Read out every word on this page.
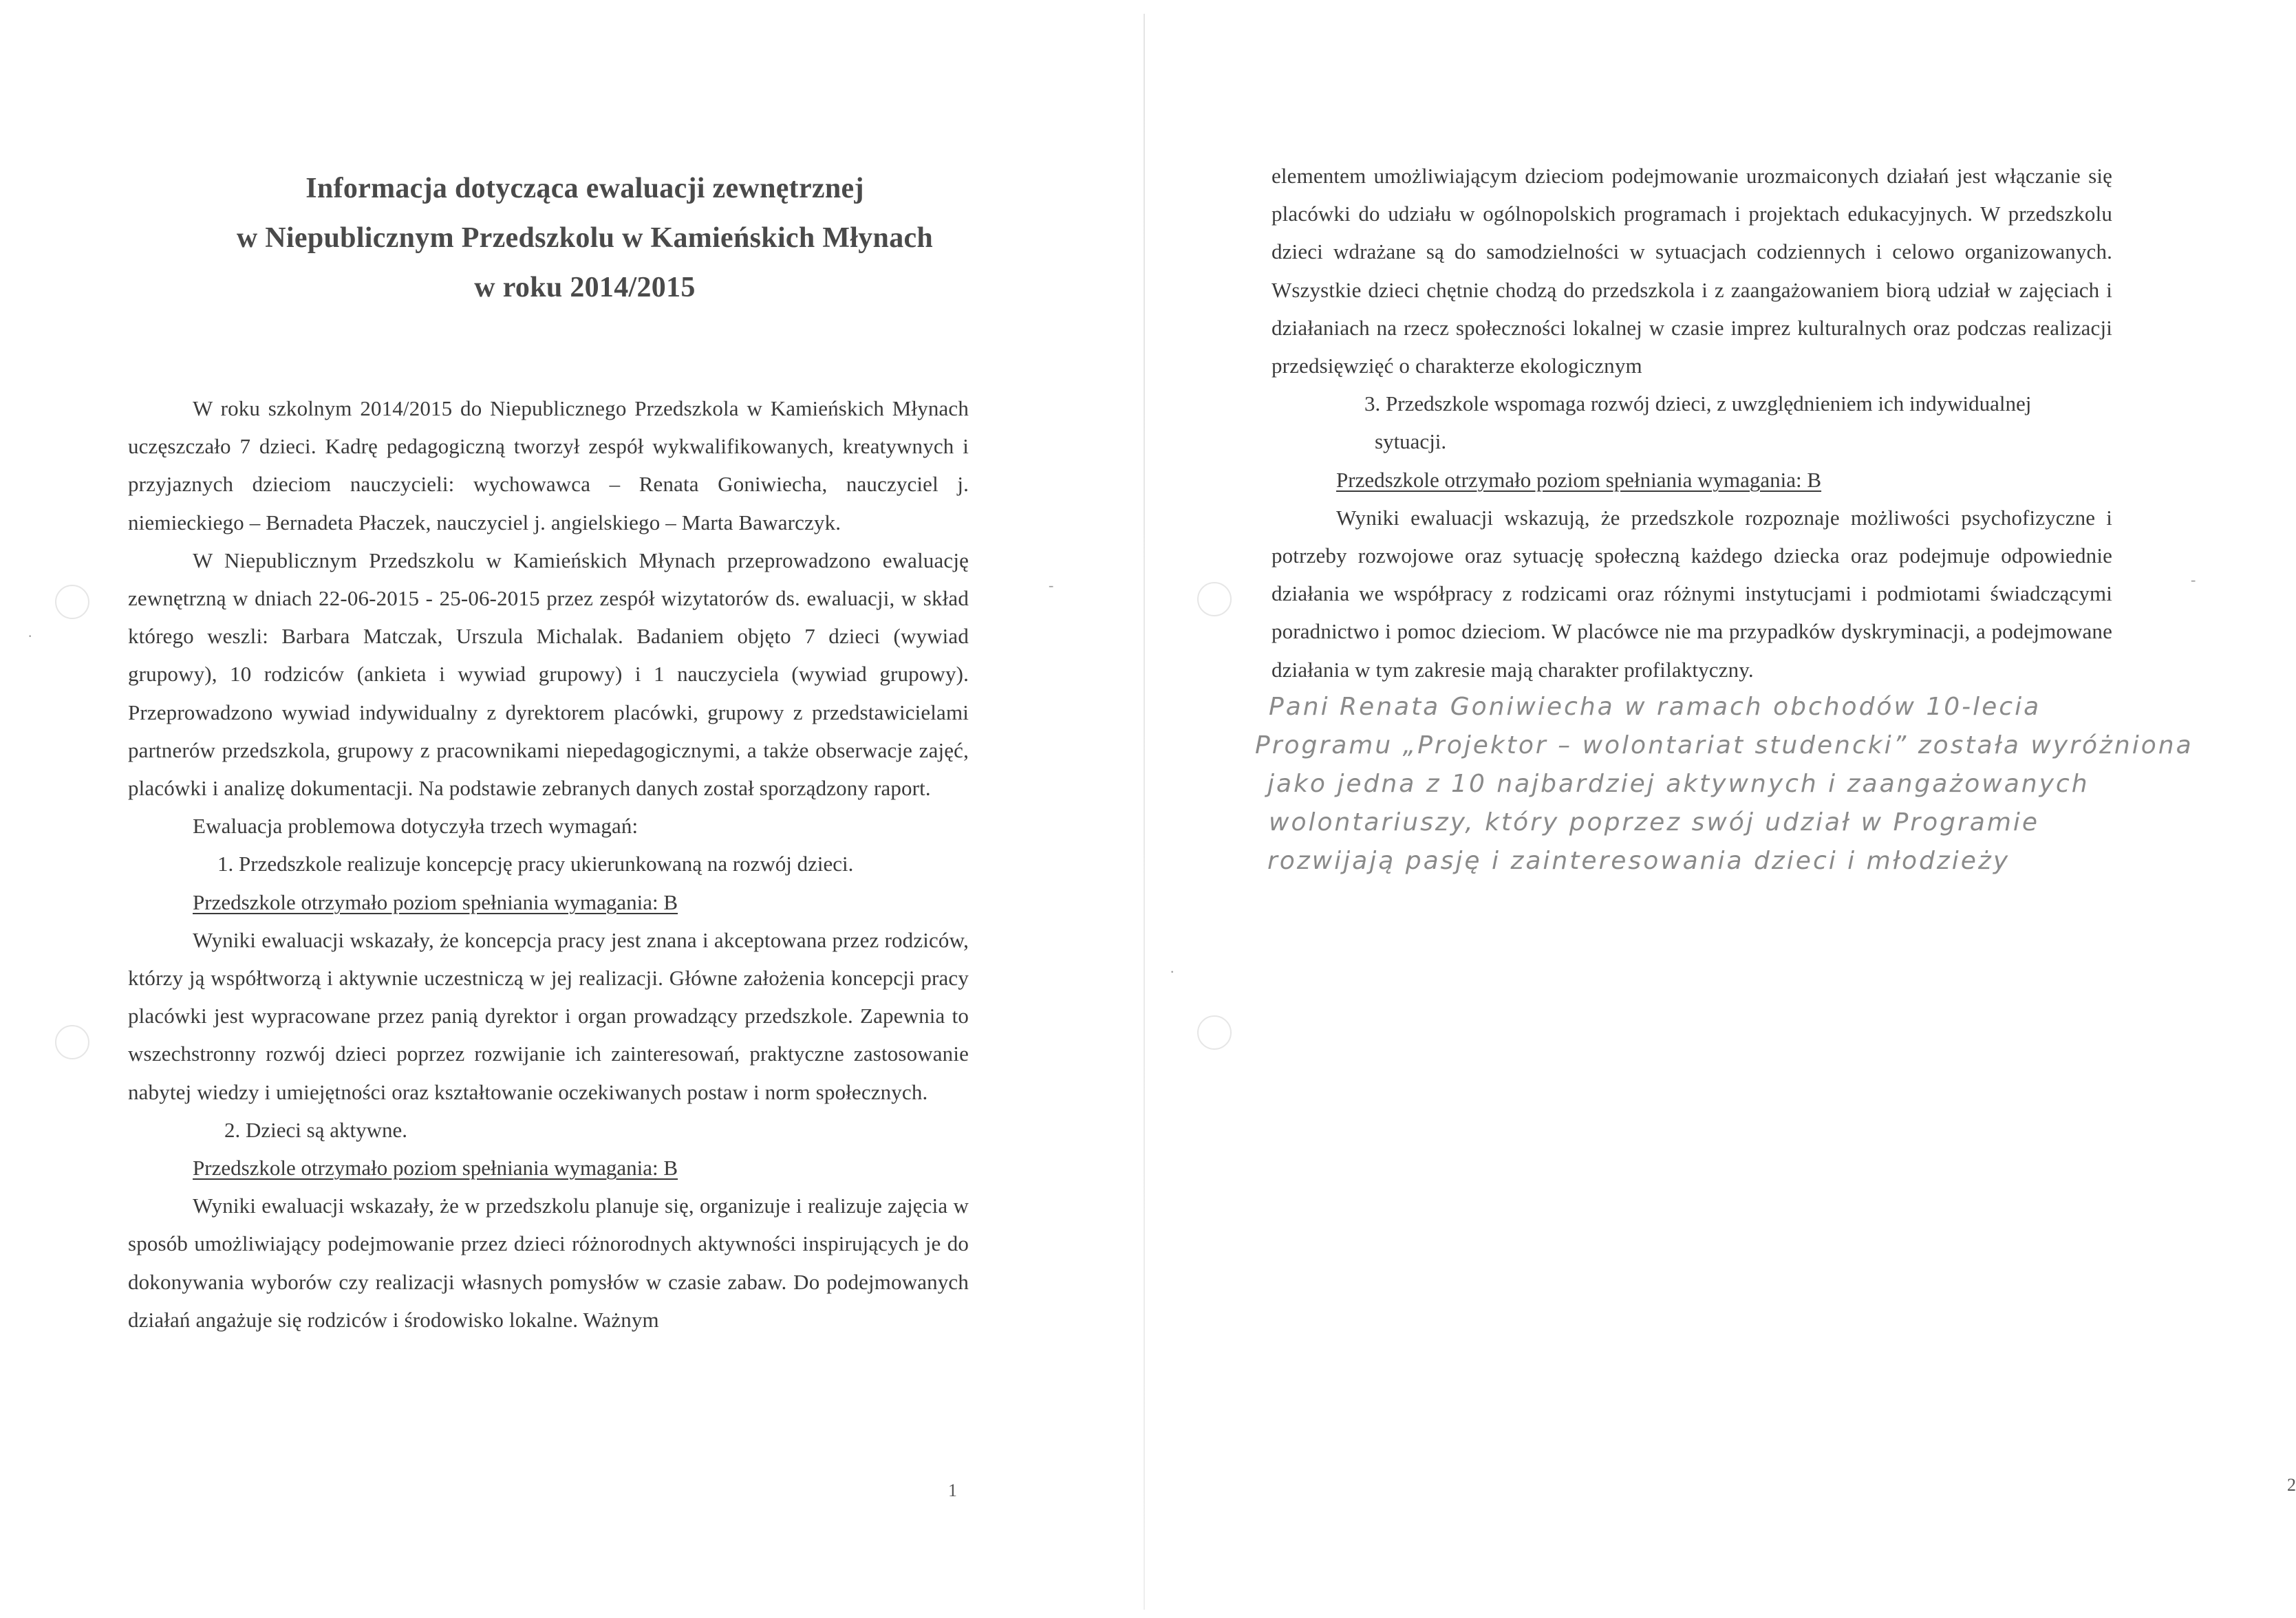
Informacja dotycząca ewaluacji zewnętrznej
w Niepublicznym Przedszkolu w Kamieńskich Młynach
w roku 2014/2015

W roku szkolnym 2014/2015 do Niepublicznego Przedszkola w Kamieńskich Młynach uczęszczało 7 dzieci. Kadrę pedagogiczną tworzył zespół wykwalifikowanych, kreatywnych i przyjaznych dzieciom nauczycieli: wychowawca – Renata Goniwiecha, nauczyciel j. niemieckiego – Bernadeta Płaczek, nauczyciel j. angielskiego – Marta Bawarczyk.

W Niepublicznym Przedszkolu w Kamieńskich Młynach przeprowadzono ewaluację zewnętrzną w dniach 22-06-2015 - 25-06-2015 przez zespół wizytatorów ds. ewaluacji, w skład którego weszli: Barbara Matczak, Urszula Michalak. Badaniem objęto 7 dzieci (wywiad grupowy), 10 rodziców (ankieta i wywiad grupowy) i 1 nauczyciela (wywiad grupowy). Przeprowadzono wywiad indywidualny z dyrektorem placówki, grupowy z przedstawicielami partnerów przedszkola, grupowy z pracownikami niepedagogicznymi, a także obserwacje zajęć, placówki i analizę dokumentacji. Na podstawie zebranych danych został sporządzony raport.

Ewaluacja problemowa dotyczyła trzech wymagań:

1. Przedszkole realizuje koncepcję pracy ukierunkowaną na rozwój dzieci.

Przedszkole otrzymało poziom spełniania wymagania: B

Wyniki ewaluacji wskazały, że koncepcja pracy jest znana i akceptowana przez rodziców, którzy ją współtworzą i aktywnie uczestniczą w jej realizacji. Główne założenia koncepcji pracy placówki jest wypracowane przez panią dyrektor i organ prowadzący przedszkole. Zapewnia to wszechstronny rozwój dzieci poprzez rozwijanie ich zainteresowań, praktyczne zastosowanie nabytej wiedzy i umiejętności oraz kształtowanie oczekiwanych postaw i norm społecznych.

2. Dzieci są aktywne.

Przedszkole otrzymało poziom spełniania wymagania: B

Wyniki ewaluacji wskazały, że w przedszkolu planuje się, organizuje i realizuje zajęcia w sposób umożliwiający podejmowanie przez dzieci różnorodnych aktywności inspirujących je do dokonywania wyborów czy realizacji własnych pomysłów w czasie zabaw. Do podejmowanych działań angażuje się rodziców i środowisko lokalne. Ważnym

1
·
-

elementem umożliwiającym dzieciom podejmowanie urozmaiconych działań jest włączanie się placówki do udziału w ogólnopolskich programach i projektach edukacyjnych. W przedszkolu dzieci wdrażane są do samodzielności w sytuacjach codziennych i celowo organizowanych. Wszystkie dzieci chętnie chodzą do przedszkola i z zaangażowaniem biorą udział w zajęciach i działaniach na rzecz społeczności lokalnej w czasie imprez kulturalnych oraz podczas realizacji przedsięwzięć o charakterze ekologicznym

3. Przedszkole wspomaga rozwój dzieci, z uwzględnieniem ich indywidualnej

sytuacji.

Przedszkole otrzymało poziom spełniania wymagania: B

Wyniki ewaluacji wskazują, że przedszkole rozpoznaje możliwości psychofizyczne i potrzeby rozwojowe oraz sytuację społeczną każdego dziecka oraz podejmuje odpowiednie działania we współpracy z rodzicami oraz różnymi instytucjami i podmiotami świadczącymi poradnictwo i pomoc dzieciom. W placówce nie ma przypadków dyskryminacji, a podejmowane działania w tym zakresie mają charakter profilaktyczny.

Pani Renata Goniwiecha w ramach obchodów 10-lecia

Programu „Projektor – wolontariat studencki” została wyróżniona

jako jedna z 10 najbardziej aktywnych i zaangażowanych

wolontariuszy, który poprzez swój udział w Programie

rozwijają pasję i zainteresowania dzieci i młodzieży

2
-
·
